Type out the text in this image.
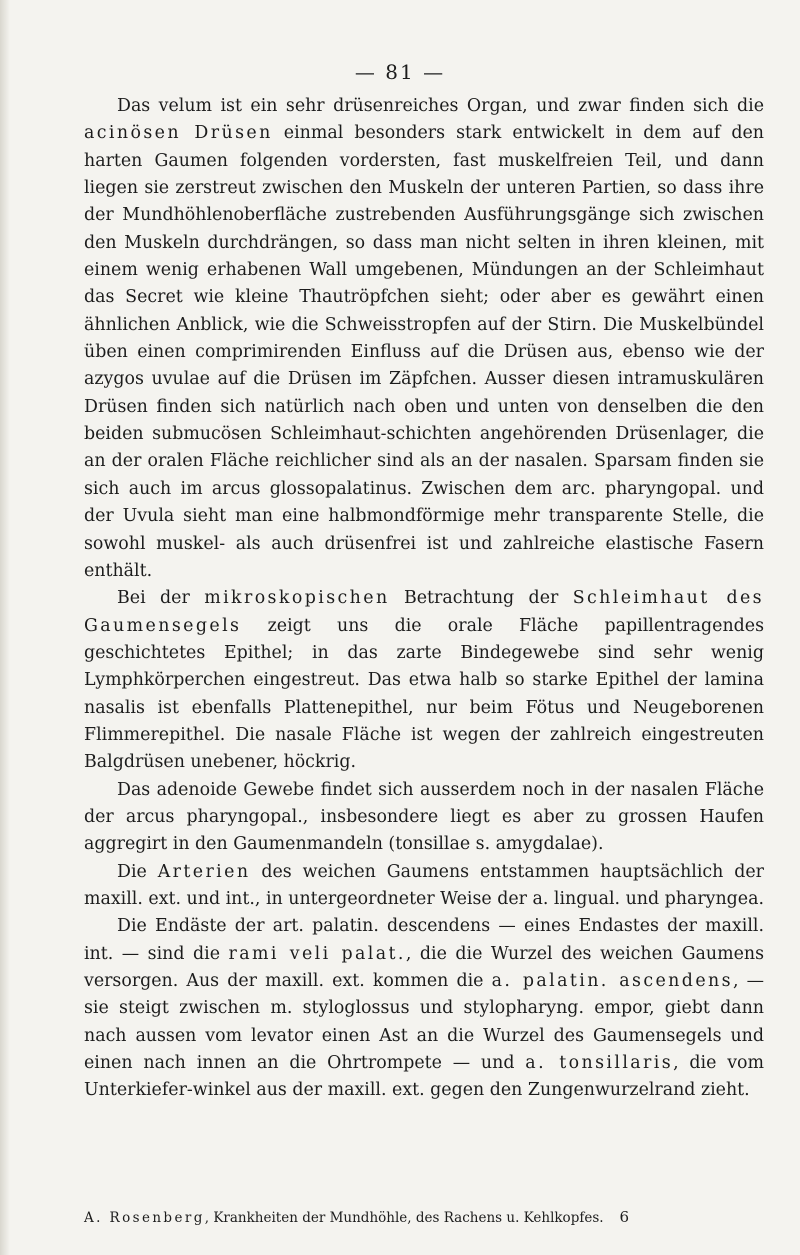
— 81 —

Das velum ist ein sehr drüsenreiches Organ, und zwar finden sich die acinösen Drüsen einmal besonders stark entwickelt in dem auf den harten Gaumen folgenden vordersten, fast muskelfreien Teil, und dann liegen sie zerstreut zwischen den Muskeln der unteren Partien, so dass ihre der Mundhöhlenoberfläche zustrebenden Ausführungsgänge sich zwischen den Muskeln durchdrängen, so dass man nicht selten in ihren kleinen, mit einem wenig erhabenen Wall umgebenen, Mündungen an der Schleimhaut das Secret wie kleine Thautröpfchen sieht; oder aber es gewährt einen ähnlichen Anblick, wie die Schweisstropfen auf der Stirn. Die Muskelbündel üben einen comprimirenden Einfluss auf die Drüsen aus, ebenso wie der azygos uvulae auf die Drüsen im Zäpfchen. Ausser diesen intramuskulären Drüsen finden sich natürlich nach oben und unten von denselben die den beiden submucösen Schleimhaut-schichten angehörenden Drüsenlager, die an der oralen Fläche reichlicher sind als an der nasalen. Sparsam finden sie sich auch im arcus glossopalatinus. Zwischen dem arc. pharyngopal. und der Uvula sieht man eine halbmondförmige mehr transparente Stelle, die sowohl muskel- als auch drüsenfrei ist und zahlreiche elastische Fasern enthält.

Bei der mikroskopischen Betrachtung der Schleimhaut des Gaumensegels zeigt uns die orale Fläche papillentragendes geschichtetes Epithel; in das zarte Bindegewebe sind sehr wenig Lymphkörperchen eingestreut. Das etwa halb so starke Epithel der lamina nasalis ist ebenfalls Plattenepithel, nur beim Fötus und Neugeborenen Flimmerepithel. Die nasale Fläche ist wegen der zahlreich eingestreuten Balgdrüsen unebener, höckrig.

Das adenoide Gewebe findet sich ausserdem noch in der nasalen Fläche der arcus pharyngopal., insbesondere liegt es aber zu grossen Haufen aggregirt in den Gaumenmandeln (tonsillae s. amygdalae).

Die Arterien des weichen Gaumens entstammen hauptsächlich der maxill. ext. und int., in untergeordneter Weise der a. lingual. und pharyngea.

Die Endäste der art. palatin. descendens — eines Endastes der maxill. int. — sind die rami veli palat., die die Wurzel des weichen Gaumens versorgen. Aus der maxill. ext. kommen die a. palatin. ascendens, — sie steigt zwischen m. styloglossus und stylopharyng. empor, giebt dann nach aussen vom levator einen Ast an die Wurzel des Gaumensegels und einen nach innen an die Ohrtrompete — und a. tonsillaris, die vom Unterkiefer-winkel aus der maxill. ext. gegen den Zungenwurzelrand zieht.

A. Rosenberg, Krankheiten der Mundhöhle, des Rachens u. Kehlkopfes. 6
